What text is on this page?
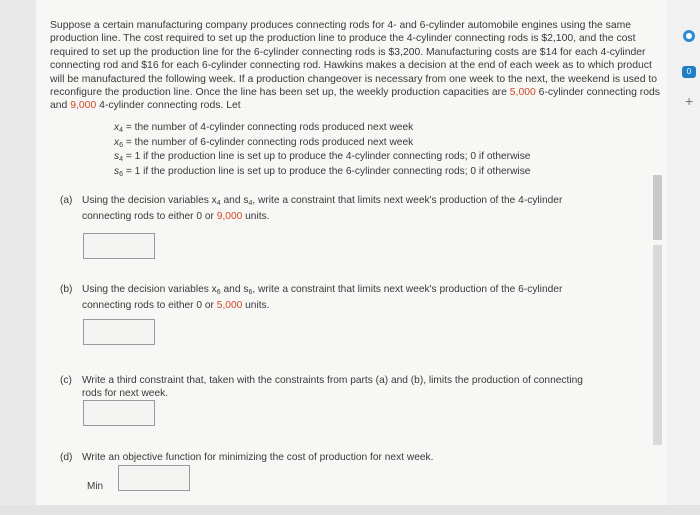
Suppose a certain manufacturing company produces connecting rods for 4- and 6-cylinder automobile engines using the same production line. The cost required to set up the production line to produce the 4-cylinder connecting rods is $2,100, and the cost required to set up the production line for the 6-cylinder connecting rods is $3,200. Manufacturing costs are $14 for each 4-cylinder connecting rod and $16 for each 6-cylinder connecting rod. Hawkins makes a decision at the end of each week as to which product will be manufactured the following week. If a production changeover is necessary from one week to the next, the weekend is used to reconfigure the production line. Once the line has been set up, the weekly production capacities are 5,000 6-cylinder connecting rods and 9,000 4-cylinder connecting rods. Let
$x_4$ = the number of 4-cylinder connecting rods produced next week
$x_6$ = the number of 6-cylinder connecting rods produced next week
$s_4 = 1$ if the production line is set up to produce the 4-cylinder connecting rods; 0 if otherwise
$s_6 = 1$ if the production line is set up to produce the 6-cylinder connecting rods; 0 if otherwise
(a) Using the decision variables $x_4$ and $s_4$, write a constraint that limits next week's production of the 4-cylinder
connecting rods to either 0 or 9,000 units.
(b) Using the decision variables $x_6$ and $s_6$, write a constraint that limits next week's production of the 6-cylinder
connecting rods to either 0 or 5,000 units.
(c) Write a third constraint that, taken with the constraints from parts (a) and (b), limits the production of connecting
rods for next week.
(d) Write an objective function for minimizing the cost of production for next week.
Min
0
+
